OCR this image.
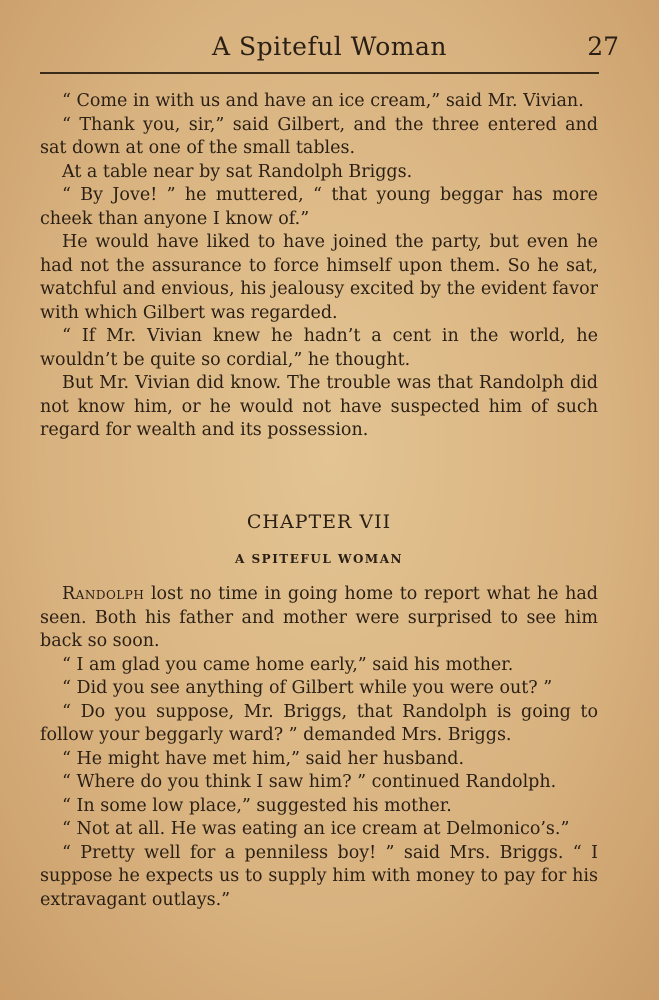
A Spiteful Woman	27

“ Come in with us and have an ice cream,” said Mr. Vivian.

“ Thank you, sir,” said Gilbert, and the three entered and sat down at one of the small tables.

At a table near by sat Randolph Briggs.

“ By Jove! ” he muttered, “ that young beggar has more cheek than anyone I know of.”

He would have liked to have joined the party, but even he had not the assurance to force himself upon them. So he sat, watchful and envious, his jealousy excited by the evident favor with which Gilbert was regarded.

“ If Mr. Vivian knew he hadn’t a cent in the world, he wouldn’t be quite so cordial,” he thought.

But Mr. Vivian did know. The trouble was that Randolph did not know him, or he would not have suspected him of such regard for wealth and its possession.

CHAPTER VII
A SPITEFUL WOMAN

Randolph lost no time in going home to report what he had seen. Both his father and mother were surprised to see him back so soon.

“ I am glad you came home early,” said his mother.

“ Did you see anything of Gilbert while you were out? ”

“ Do you suppose, Mr. Briggs, that Randolph is going to follow your beggarly ward? ” demanded Mrs. Briggs.

“ He might have met him,” said her husband.

“ Where do you think I saw him? ” continued Randolph.

“ In some low place,” suggested his mother.

“ Not at all. He was eating an ice cream at Delmonico’s.”

“ Pretty well for a penniless boy! ” said Mrs. Briggs. “ I suppose he expects us to supply him with money to pay for his extravagant outlays.”
